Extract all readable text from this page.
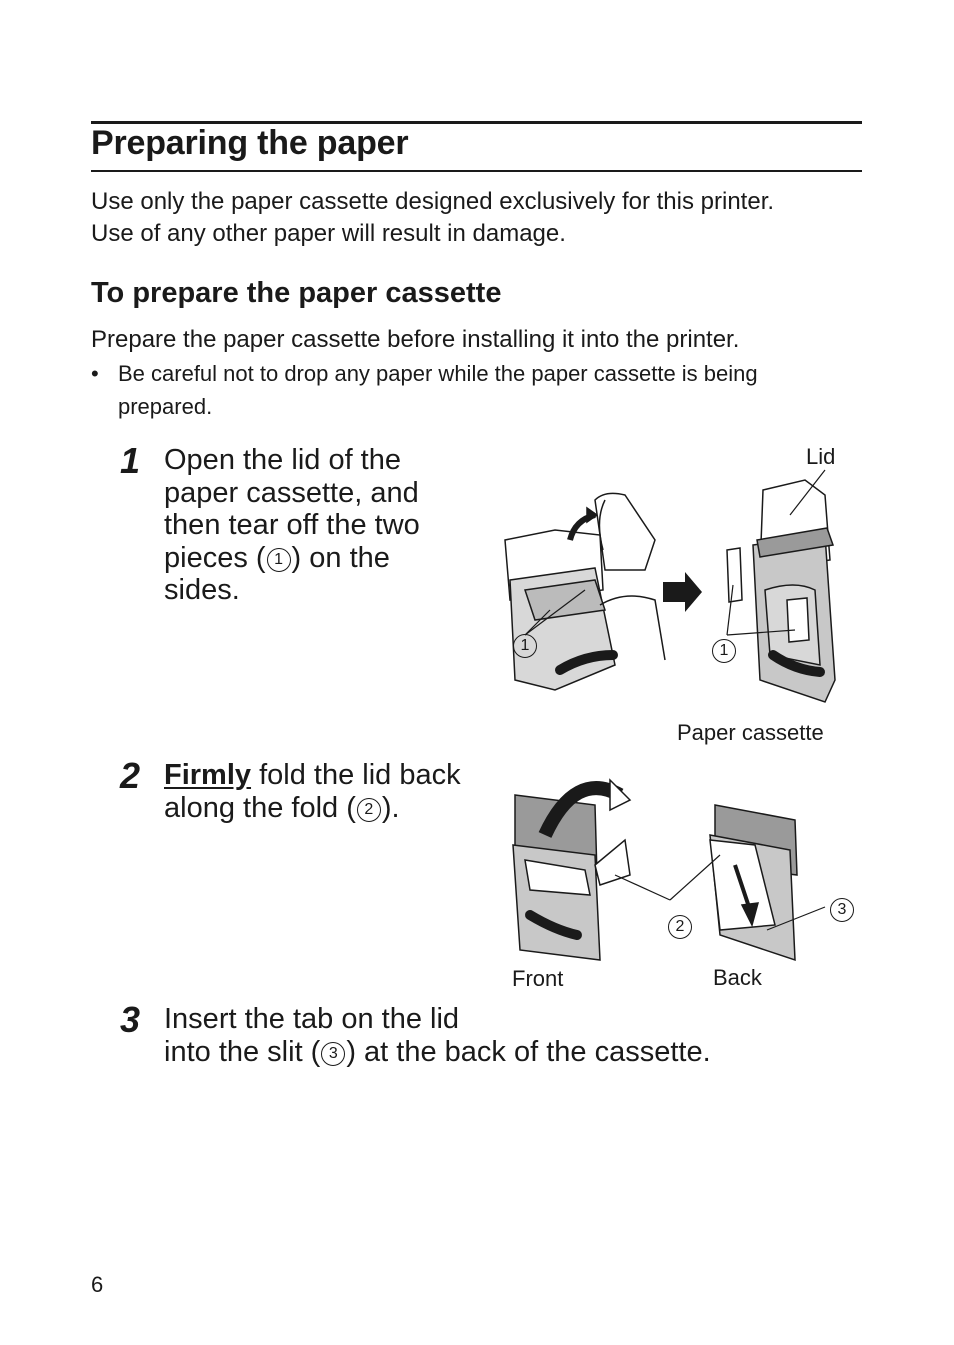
Preparing the paper
Use only the paper cassette designed exclusively for this printer.
Use of any other paper will result in damage.
To prepare the paper cassette
Prepare the paper cassette before installing it into the printer.
• Be careful not to drop any paper while the paper cassette is being
prepared.
1 Open the lid of the
paper cassette, and
then tear off the two
pieces ( 1 ) on the
sides.
1	1
Lid
Paper cassette
2 Firmly fold the lid back
along the fold ( 2 ).
2
3
Front	Back
3 Insert the tab on the lid
into the slit ( 3 ) at the back of the cassette.
6
